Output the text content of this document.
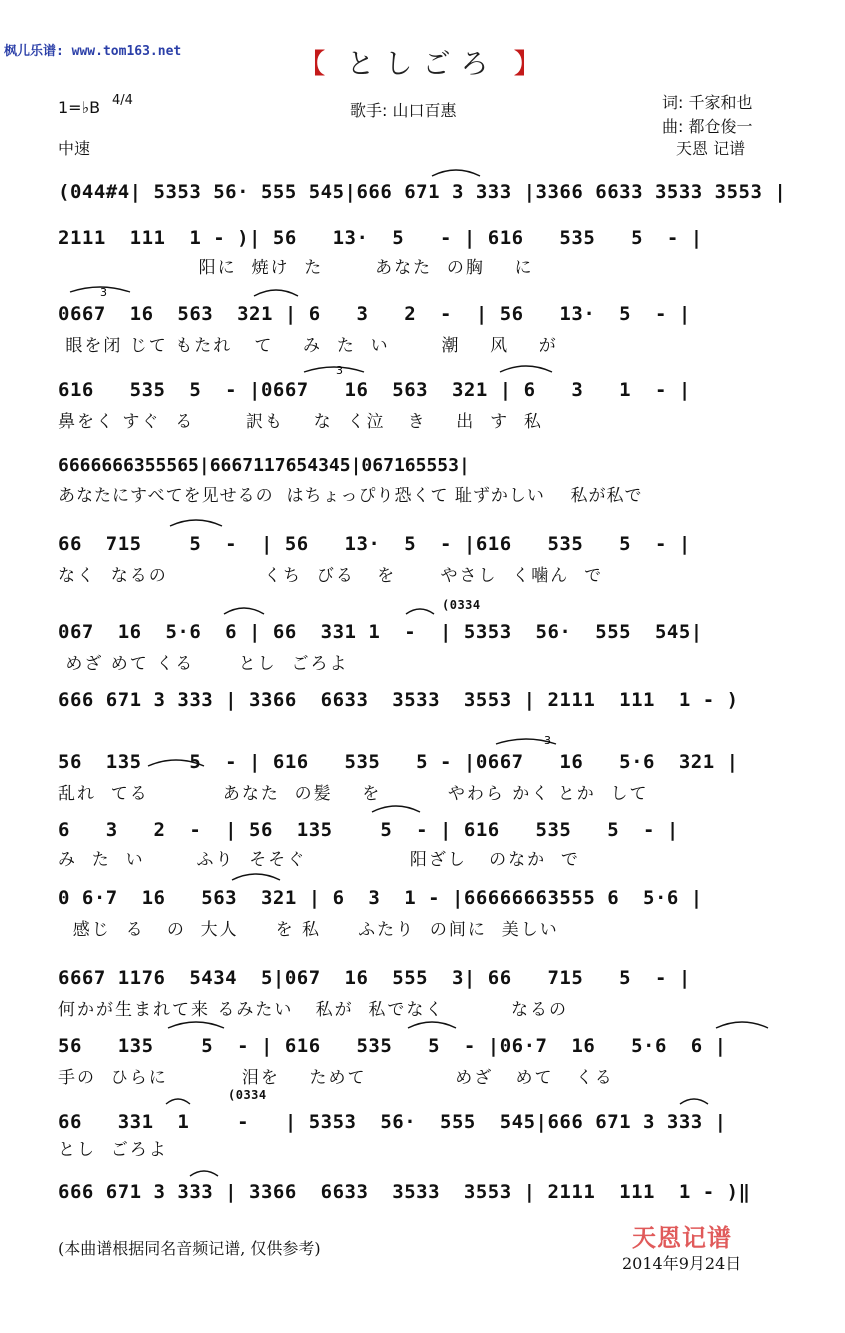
枫儿乐谱: www.tom163.net	【 としごろ 】
1=♭B 4/4
中速
歌手: 山口百惠	词: 千家和也
曲: 都仓俊一
天恩 记谱
(044#4| 5353 56· 555 545|666 671 3 333 |3366 6633 3533 3553 |
2111  111  1 - )| 56   13·  5   - | 616   535   5  - |
阳に  焼け  た       あなた  の胸    に
0667  16  563  321 | 6   3   2  -  | 56   13·  5  - |
眼を闭 じて もたれ   て    み  た  い       潮    风    が
616   535  5  - |0667   16  563  321 | 6   3   1  - |
鼻をく すぐ  る       訳も    な  く泣   き    出  す  私
6666666355565|6667117654345|067165553|
あなたにすべてを见せるの  はちょっぴり恐くて 耻ずかしい    私が私で
66  715    5  -  | 56   13·  5  - |616   535   5  - |
なく  なるの             くち  びる   を      やさし  く噛ん  で
(0334
067  16  5·6  6 | 66  331 1  -  | 5353  56·  555  545|
めざ めて くる      とし  ごろよ
666 671 3 333 | 3366  6633  3533  3553 | 2111  111  1 - )
56  135    5  - | 616   535   5 - |0667   16   5·6  321 |
乱れ  てる          あなた  の髪    を         やわら かく とか  して
6   3   2  -  | 56  135    5  - | 616   535   5  - |
み  た  い       ふり  そそぐ              阳ざし   のなか  で
0 6·7  16   563  321 | 6  3  1 - |66666663555 6  5·6 |
感じ  る   の  大人     を 私     ふたり  の间に  美しい
6667 1176  5434  5|067  16  555  3| 66   715   5  - |
何かが生まれて来 るみたい   私が  私でなく         なるの
56   135    5  - | 616   535   5  - |06·7  16   5·6  6 |
手の  ひらに          泪を    ためて            めざ   めて   くる
(0334
66   331  1    -   | 5353  56·  555  545|666 671 3 333 |
とし  ごろよ
666 671 3 333 | 3366  6633  3533  3553 | 2111  111  1 - )‖
3
3
3
(本曲谱根据同名音频记谱, 仅供参考)	天恩记谱
2014年9月24日
